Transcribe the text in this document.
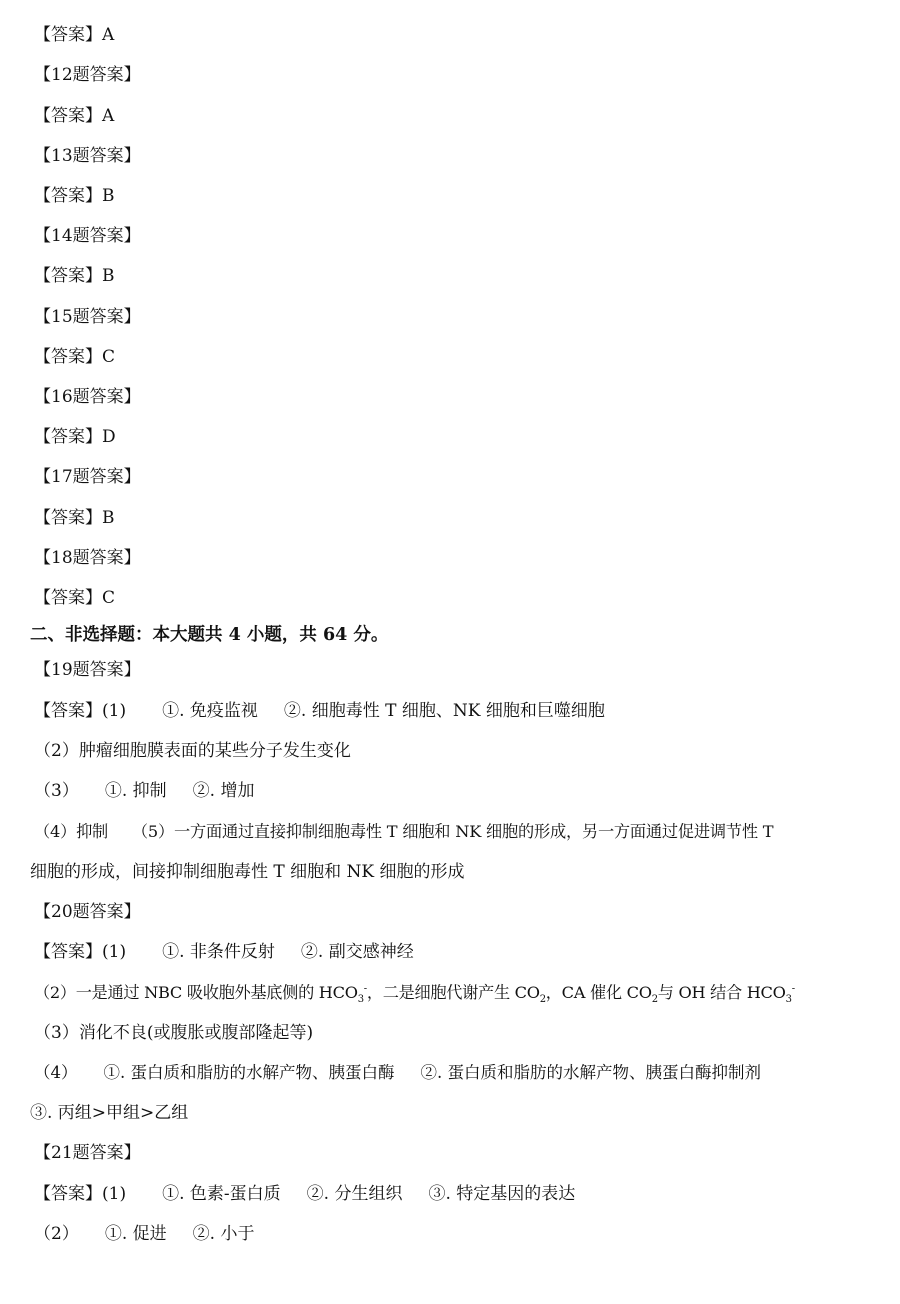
【答案】A
【12题答案】
【答案】A
【13题答案】
【答案】B
【14题答案】
【答案】B
【15题答案】
【答案】C
【16题答案】
【答案】D
【17题答案】
【答案】B
【18题答案】
【答案】C
二、非选择题：本大题共 4 小题，共 64 分。
【19题答案】
【答案】(1) ①. 免疫监视 ②. 细胞毒性 T 细胞、NK 细胞和巨噬细胞
（2）肿瘤细胞膜表面的某些分子发生变化
（3） ①. 抑制 ②. 增加
（4）抑制　　（5）一方面通过直接抑制细胞毒性 T 细胞和 NK 细胞的形成，另一方面通过促进调节性 T
细胞的形成，间接抑制细胞毒性 T 细胞和 NK 细胞的形成
【20题答案】
【答案】(1) ①. 非条件反射 ②. 副交感神经
（2）一是通过 NBC 吸收胞外基底侧的 $HCO_3^-$，二是细胞代谢产生 $CO_2$，CA 催化 $CO_2$与 OH 结合 $HCO_3^-$
（3）消化不良(或腹胀或腹部隆起等)
（4） ①. 蛋白质和脂肪的水解产物、胰蛋白酶 ②. 蛋白质和脂肪的水解产物、胰蛋白酶抑制剂
③. 丙组>甲组>乙组
【21题答案】
【答案】(1) ①. 色素-蛋白质 ②. 分生组织 ③. 特定基因的表达
（2） ①. 促进 ②. 小于
